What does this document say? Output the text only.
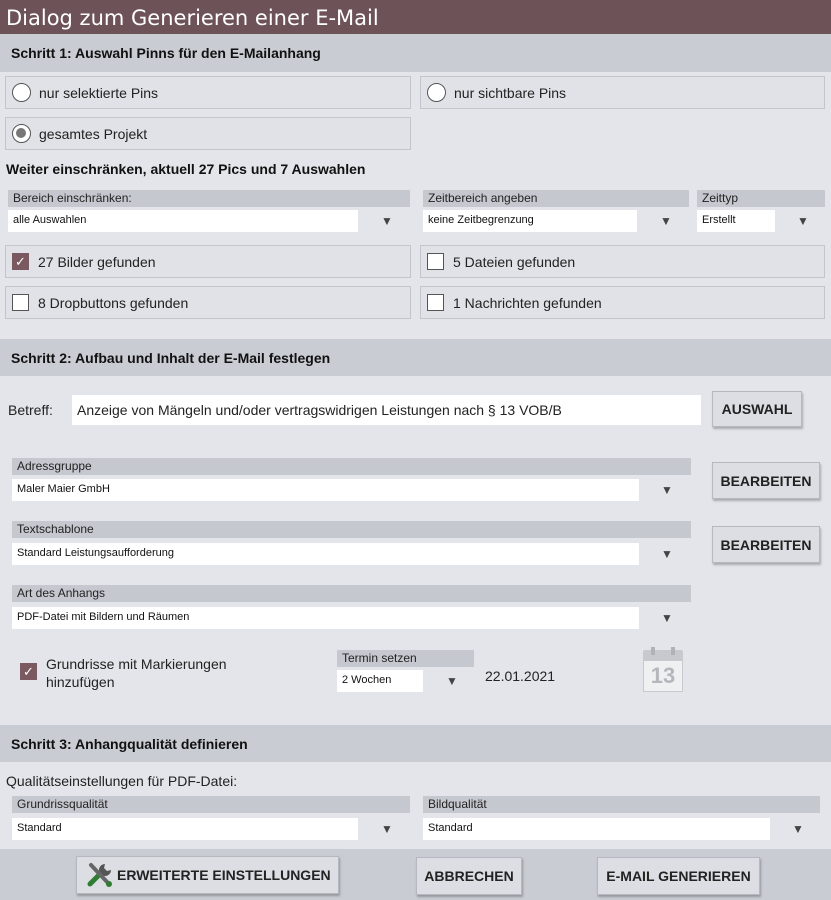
Dialog zum Generieren einer E-Mail
Schritt 1: Auswahl Pinns für den E-Mailanhang
nur selektierte Pins	nur sichtbare Pins
gesamtes Projekt
Weiter einschränken, aktuell 27 Pics und 7 Auswahlen
Bereich einschränken:
alle Auswahlen	▼
Zeitbereich angeben
keine Zeitbegrenzung	▼
Zeittyp
Erstellt	▼
✓ 27 Bilder gefunden	5 Dateien gefunden
8 Dropbuttons gefunden	1 Nachrichten gefunden
Schritt 2: Aufbau und Inhalt der E-Mail festlegen
Betreff:	Anzeige von Mängeln und/oder vertragswidrigen Leistungen nach § 13 VOB/B	AUSWAHL
Adressgruppe
Maler Maier GmbH	▼
BEARBEITEN
Textschablone
Standard Leistungsaufforderung	▼
BEARBEITEN
Art des Anhangs
PDF-Datei mit Bildern und Räumen	▼
✓ Grundrisse mit Markierungen
hinzufügen
Termin setzen
2 Wochen	▼ 22.01.2021	13
Schritt 3: Anhangqualität definieren
Qualitätseinstellungen für PDF-Datei:
Grundrissqualität
Standard	▼
Bildqualität
Standard	▼
ERWEITERTE EINSTELLUNGEN	ABBRECHEN	E-MAIL GENERIEREN
